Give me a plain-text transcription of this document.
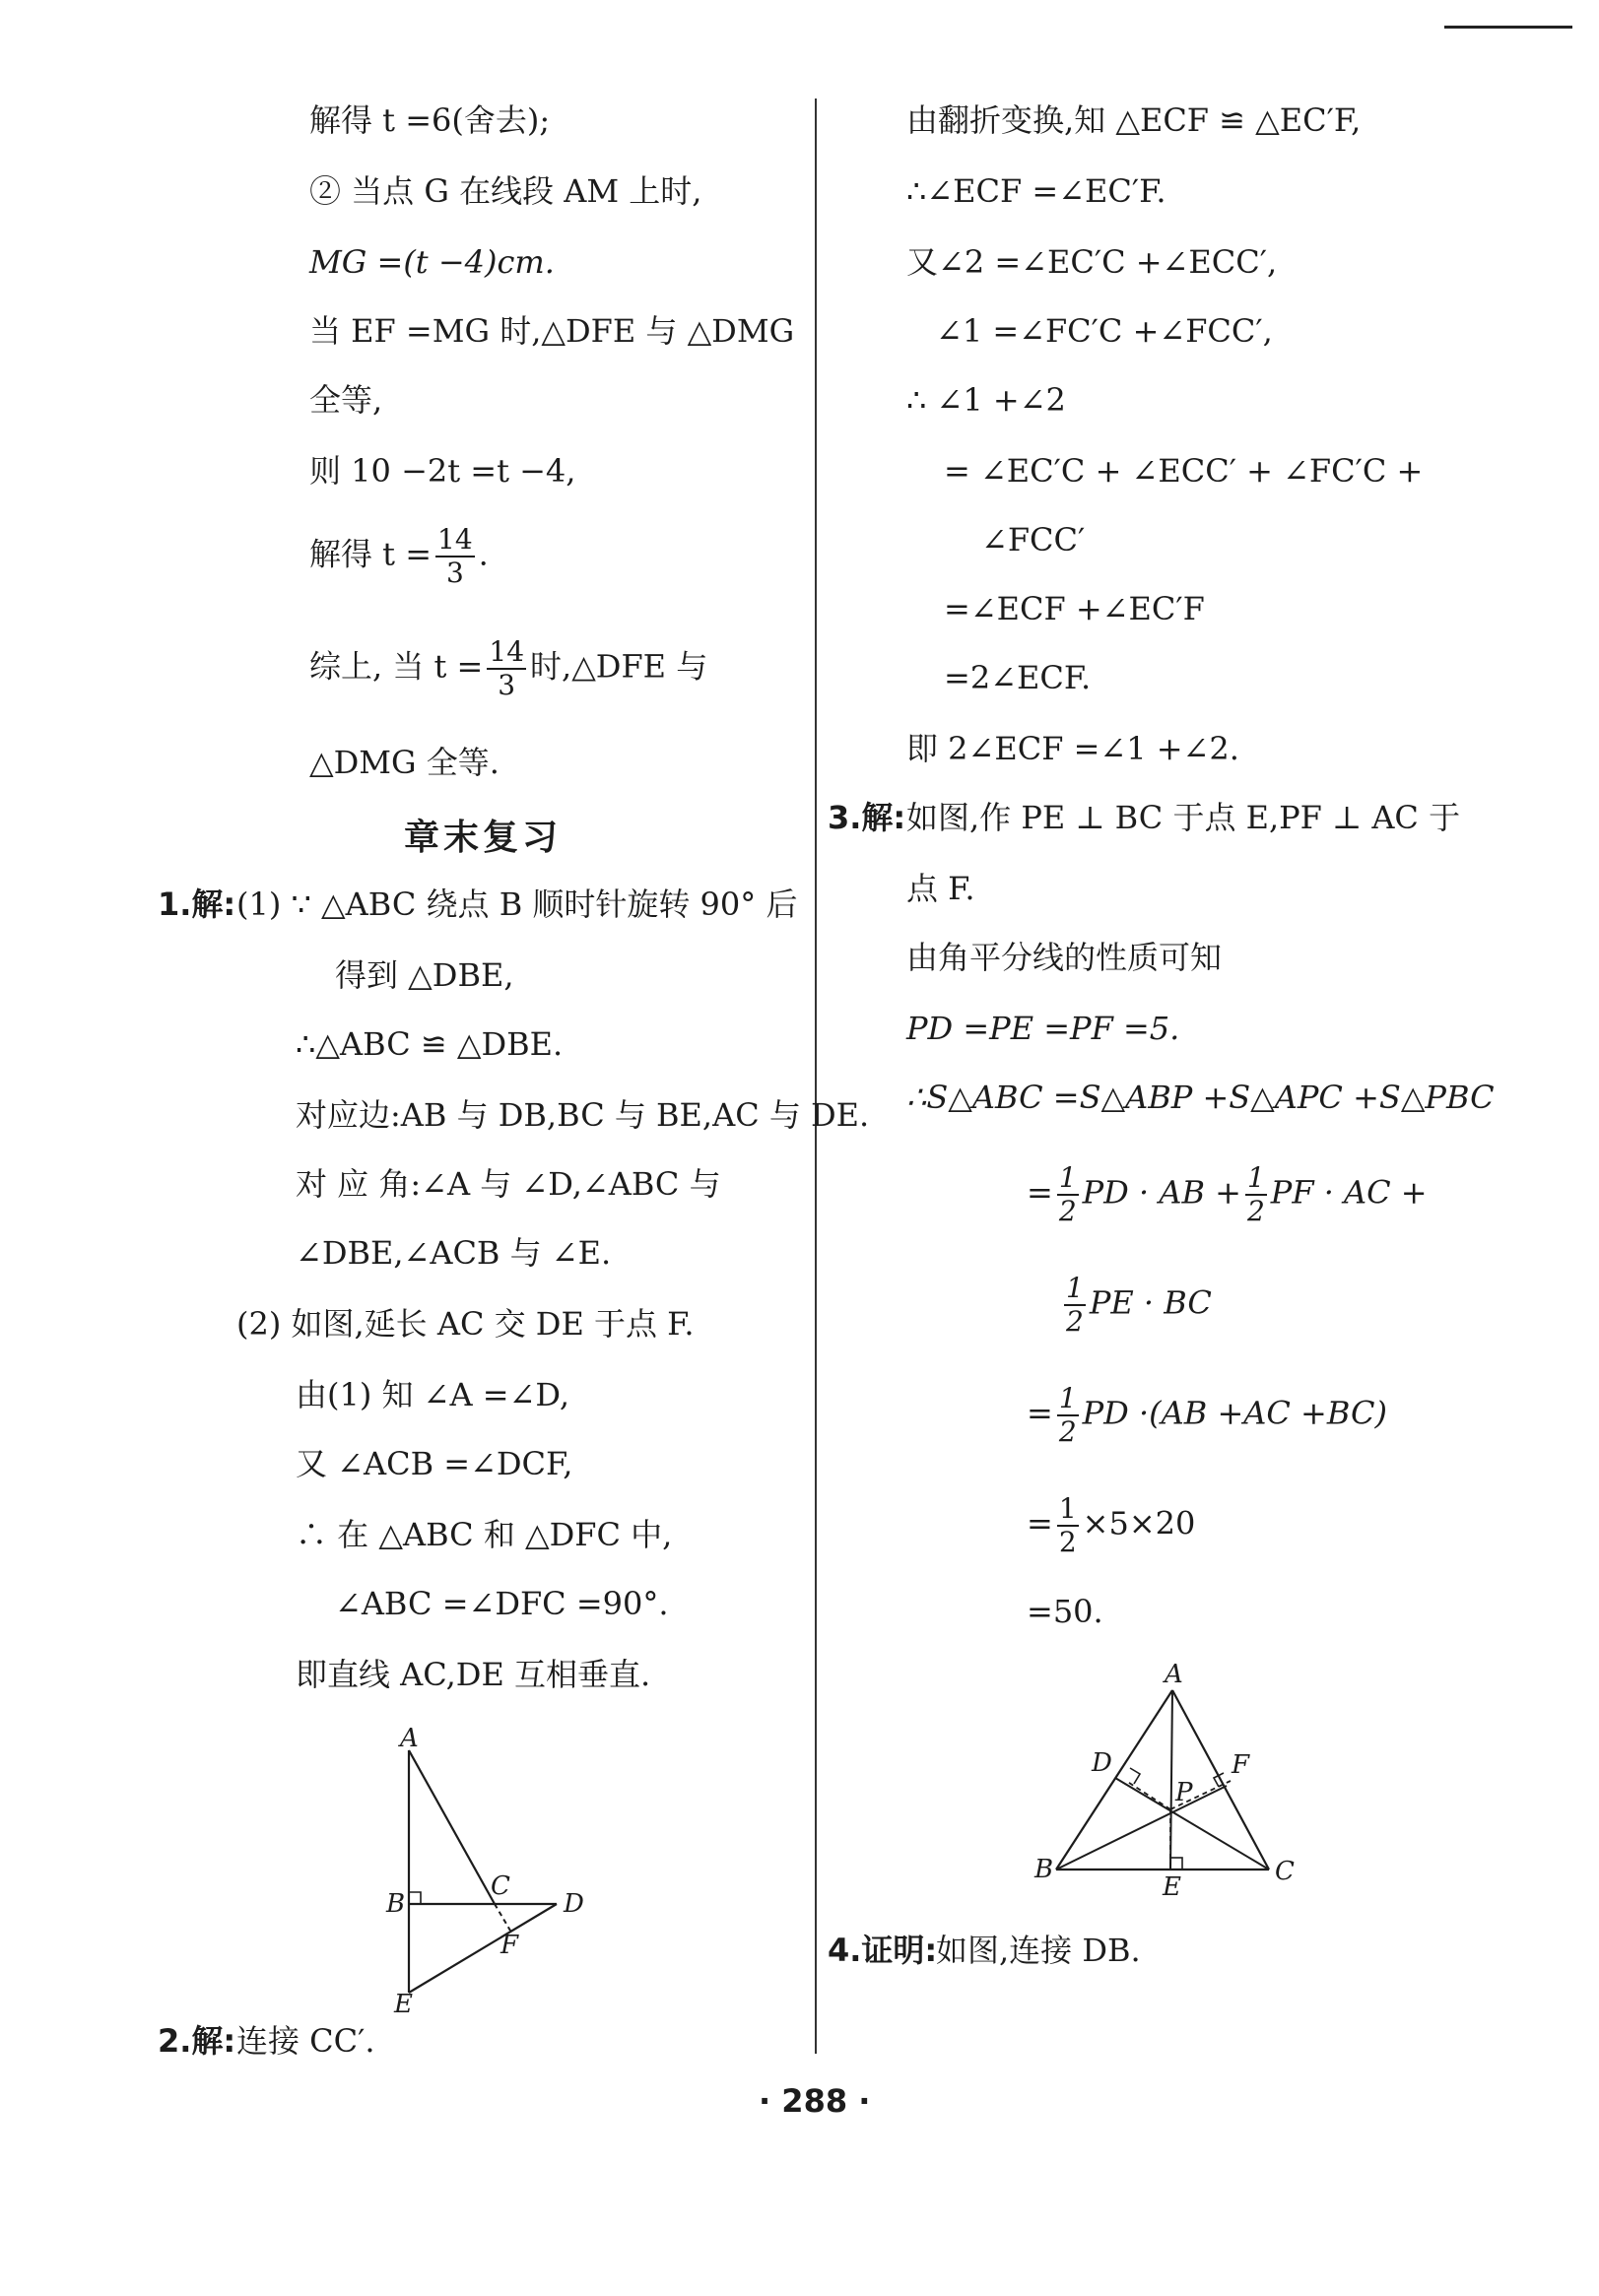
解得 t =6(舍去);
② 当点 G 在线段 AM 上时,
MG =(t −4)cm.
当 EF =MG 时,△DFE 与 △DMG
全等,
则 10 −2t =t −4,
解得 $t = \frac{14}{3}$ .
综上, 当 $t = \frac{14}{3}$ 时,△DFE 与
△DMG 全等.
章末复习
1.解: (1) ∵ △ABC 绕点 B 顺时针旋转 90° 后
得到 △DBE,
∴△ABC ≌ △DBE.
对应边:AB 与 DB,BC 与 BE,AC 与 DE.
对 应 角:∠A 与 ∠D,∠ABC 与
∠DBE,∠ACB 与 ∠E.
(2) 如图,延长 AC 交 DE 于点 F.
由(1) 知 ∠A =∠D,
又 ∠ACB =∠DCF,
∴ 在 △ABC 和 △DFC 中,
∠ABC =∠DFC =90°.
即直线 AC,DE 互相垂直.
A
B
C
D
E
F
2.解: 连接 CC′.
由翻折变换,知 △ECF ≌ △EC′F,
∴∠ECF =∠EC′F.
又∠2 =∠EC′C +∠ECC′,
∠1 =∠FC′C +∠FCC′,
∴ ∠1 +∠2
= ∠EC′C + ∠ECC′ + ∠FC′C +
∠FCC′
=∠ECF +∠EC′F
=2∠ECF.
即 2∠ECF =∠1 +∠2.
3.解: 如图,作 PE ⊥ BC 于点 E,PF ⊥ AC 于
点 F.
由角平分线的性质可知
PD =PE =PF =5.
∴S△ABC =S△ABP +S△APC +S△PBC
= $\frac{1}{2}$ PD · AB + $\frac{1}{2}$ PF · AC +
$\frac{1}{2}$ PE · BC
= $\frac{1}{2}$ PD ·(AB +AC +BC)
= $\frac{1}{2} \times 5\times 20$
=50.
A
B	C
D
E
F
P
4.证明:
如图,连接 DB.
· 288 ·
